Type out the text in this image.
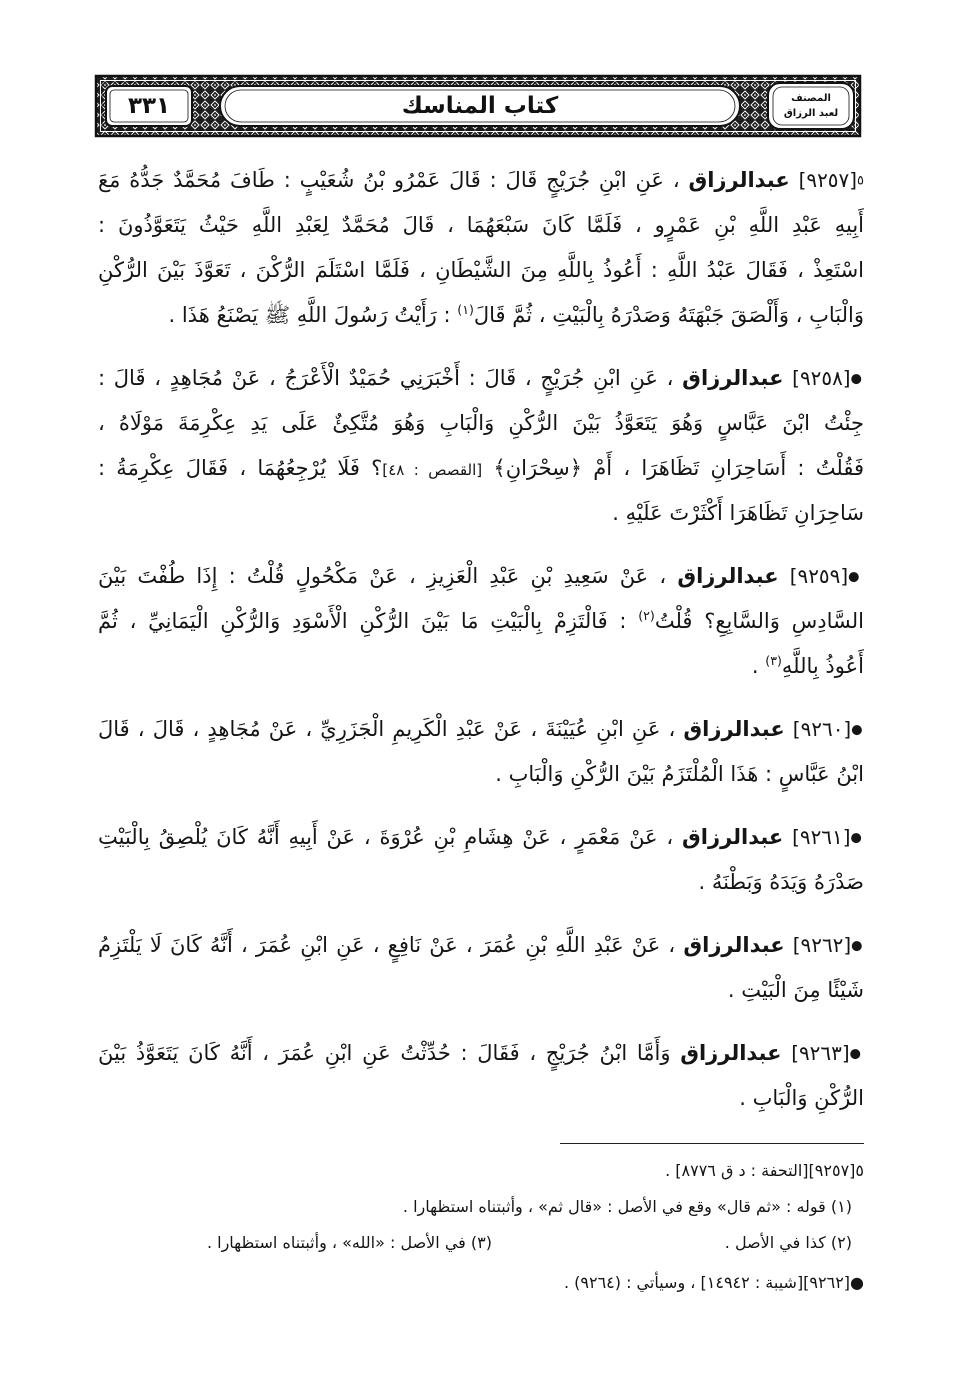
٣٣١	كتاب المناسك	المصنف
لعبد الرزاق
٥[٩٢٥٧] عبدالرزاق ، عَنِ ابْنِ جُرَيْجٍ قَالَ : قَالَ عَمْرُو بْنُ شُعَيْبٍ : طَافَ مُحَمَّدٌ جَدُّهُ مَعَ
أَبِيهِ عَبْدِ اللَّهِ بْنِ عَمْرٍو ، فَلَمَّا كَانَ سَبْعَهُمَا ، قَالَ مُحَمَّدٌ لِعَبْدِ اللَّهِ حَيْثُ يَتَعَوَّذُونَ :
اسْتَعِذْ ، فَقَالَ عَبْدُ اللَّهِ : أَعُوذُ بِاللَّهِ مِنَ الشَّيْطَانِ ، فَلَمَّا اسْتَلَمَ الرُّكْنَ ، تَعَوَّذَ بَيْنَ الرُّكْنِ
وَالْبَابِ ، وَأَلْصَقَ جَبْهَتَهُ وَصَدْرَهُ بِالْبَيْتِ ، ثُمَّ قَالَ$^{(١)}$ : رَأَيْتُ رَسُولَ اللَّهِ ﷺ يَصْنَعُ هَذَا .
●[٩٢٥٨] عبدالرزاق ، عَنِ ابْنِ جُرَيْجٍ ، قَالَ : أَخْبَرَنِي حُمَيْدٌ الْأَعْرَجُ ، عَنْ مُجَاهِدٍ ، قَالَ :
جِئْتُ ابْنَ عَبَّاسٍ وَهُوَ يَتَعَوَّذُ بَيْنَ الرُّكْنِ وَالْبَابِ وَهُوَ مُتَّكِئٌ عَلَى يَدِ عِكْرِمَةَ مَوْلَاهُ ،
فَقُلْتُ : أَسَاحِرَانِ تَظَاهَرَا ، أَمْ ﴿سِحْرَانِ﴾ [القصص : ٤٨]؟ فَلَا يُرْجِعُهُمَا ، فَقَالَ عِكْرِمَةُ :
سَاحِرَانِ تَظَاهَرَا أَكْثَرْتَ عَلَيْهِ .
●[٩٢٥٩] عبدالرزاق ، عَنْ سَعِيدِ بْنِ عَبْدِ الْعَزِيزِ ، عَنْ مَكْحُولٍ قُلْتُ : إِذَا طُفْتَ بَيْنَ
السَّادِسِ وَالسَّابِعِ؟ قُلْتُ$^{(٢)}$ : فَالْتَزِمْ بِالْبَيْتِ مَا بَيْنَ الرُّكْنِ الْأَسْوَدِ وَالرُّكْنِ الْيَمَانِيِّ ، ثُمَّ
أَعُوذُ بِاللَّهِ$^{(٣)}$ .
●[٩٢٦٠] عبدالرزاق ، عَنِ ابْنِ عُيَيْنَةَ ، عَنْ عَبْدِ الْكَرِيمِ الْجَزَرِيِّ ، عَنْ مُجَاهِدٍ ، قَالَ ، قَالَ
ابْنُ عَبَّاسٍ : هَذَا الْمُلْتَزَمُ بَيْنَ الرُّكْنِ وَالْبَابِ .
●[٩٢٦١] عبدالرزاق ، عَنْ مَعْمَرٍ ، عَنْ هِشَامِ بْنِ عُرْوَةَ ، عَنْ أَبِيهِ أَنَّهُ كَانَ يُلْصِقُ بِالْبَيْتِ
صَدْرَهُ وَيَدَهُ وَبَطْنَهُ .
●[٩٢٦٢] عبدالرزاق ، عَنْ عَبْدِ اللَّهِ بْنِ عُمَرَ ، عَنْ نَافِعٍ ، عَنِ ابْنِ عُمَرَ ، أَنَّهُ كَانَ لَا يَلْتَزِمُ
شَيْئًا مِنَ الْبَيْتِ .
●[٩٢٦٣] عبدالرزاق وَأَمَّا ابْنُ جُرَيْجٍ ، فَقَالَ : حُدِّثْتُ عَنِ ابْنِ عُمَرَ ، أَنَّهُ كَانَ يَتَعَوَّذُ بَيْنَ
الرُّكْنِ وَالْبَابِ .
٥[٩٢٥٧][التحفة : د ق ٨٧٧٦] .
(١) قوله : «ثم قال» وقع في الأصل : «قال ثم» ، وأثبتناه استظهارا .
(٢) كذا في الأصل .
(٣) في الأصل : «الله» ، وأثبتناه استظهارا .
●[٩٢٦٢][شيبة : ١٤٩٤٢] ، وسيأتي : (٩٢٦٤) .
